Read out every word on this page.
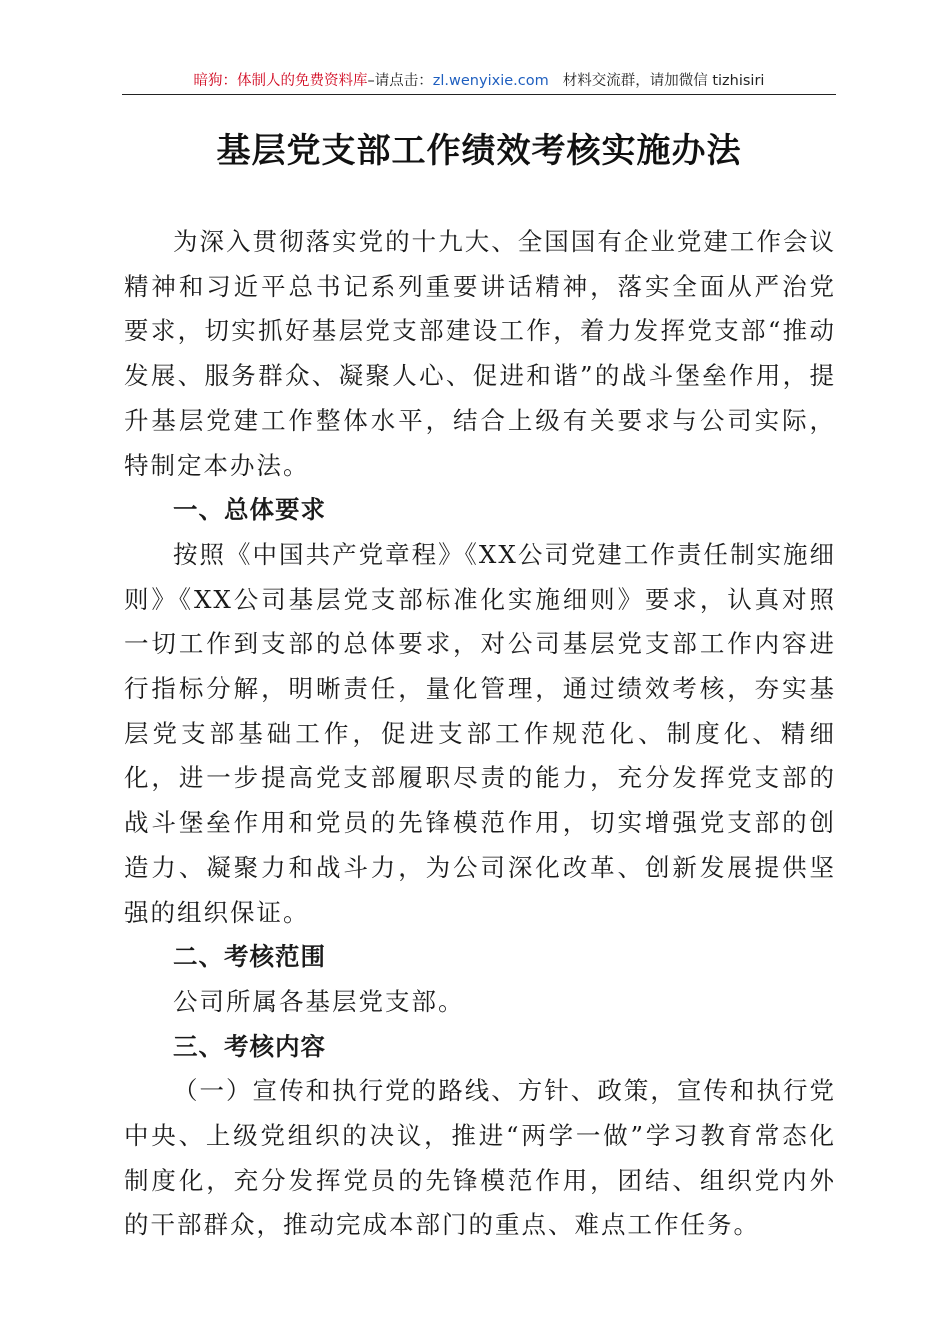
暗狗：体制人的免费资料库–请点击：zl.wenyixie.com 材料交流群，请加微信 tizhisiri
基层党支部工作绩效考核实施办法

为深入贯彻落实党的十九大、全国国有企业党建工作会议精神和习近平总书记系列重要讲话精神，落实全面从严治党要求，切实抓好基层党支部建设工作，着力发挥党支部“推动发展、服务群众、凝聚人心、促进和谐”的战斗堡垒作用，提升基层党建工作整体水平，结合上级有关要求与公司实际，特制定本办法。

一、总体要求

按照《中国共产党章程》《XX公司党建工作责任制实施细则》《XX公司基层党支部标准化实施细则》要求，认真对照一切工作到支部的总体要求，对公司基层党支部工作内容进行指标分解，明晰责任，量化管理，通过绩效考核，夯实基层党支部基础工作，促进支部工作规范化、制度化、精细化，进一步提高党支部履职尽责的能力，充分发挥党支部的战斗堡垒作用和党员的先锋模范作用，切实增强党支部的创造力、凝聚力和战斗力，为公司深化改革、创新发展提供坚强的组织保证。

二、考核范围

公司所属各基层党支部。

三、考核内容

（一）宣传和执行党的路线、方针、政策，宣传和执行党中央、上级党组织的决议，推进“两学一做”学习教育常态化制度化，充分发挥党员的先锋模范作用，团结、组织党内外的干部群众，推动完成本部门的重点、难点工作任务。
